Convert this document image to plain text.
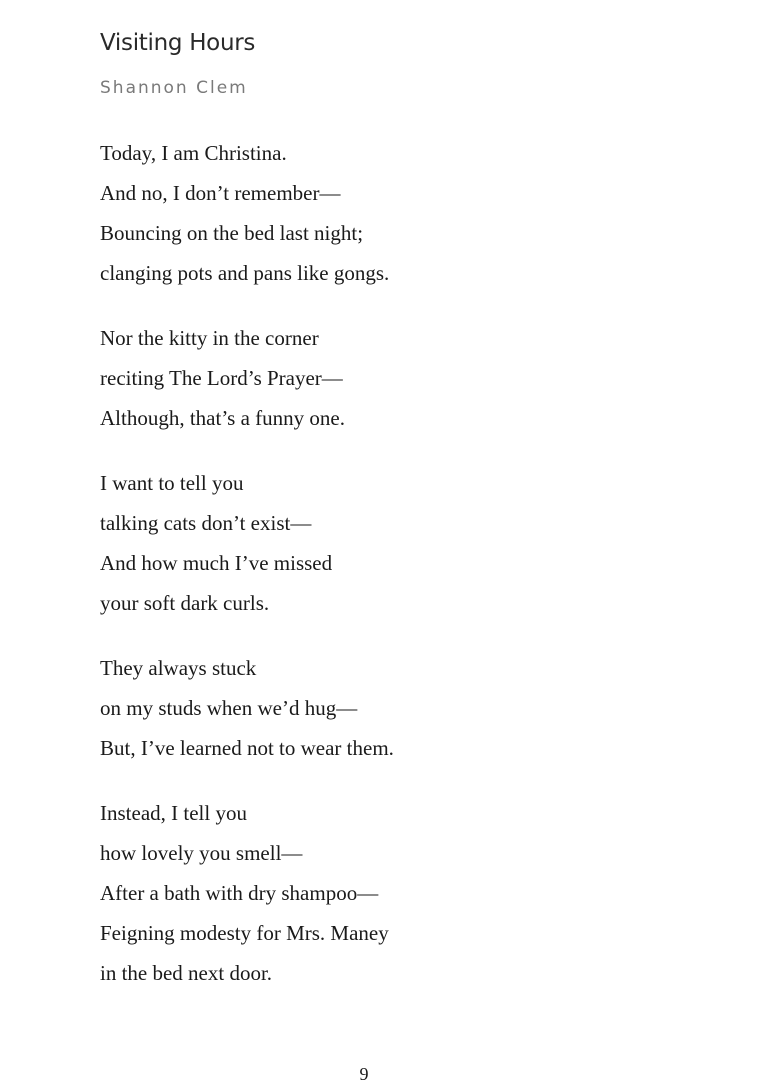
Visiting Hours
Shannon Clem
Today, I am Christina.
And no, I don’t remember—
Bouncing on the bed last night;
clanging pots and pans like gongs.
Nor the kitty in the corner
reciting The Lord’s Prayer—
Although, that’s a funny one.
I want to tell you
talking cats don’t exist—
And how much I’ve missed
your soft dark curls.
They always stuck
on my studs when we’d hug—
But, I’ve learned not to wear them.
Instead, I tell you
how lovely you smell—
After a bath with dry shampoo—
Feigning modesty for Mrs. Maney
in the bed next door.
9
